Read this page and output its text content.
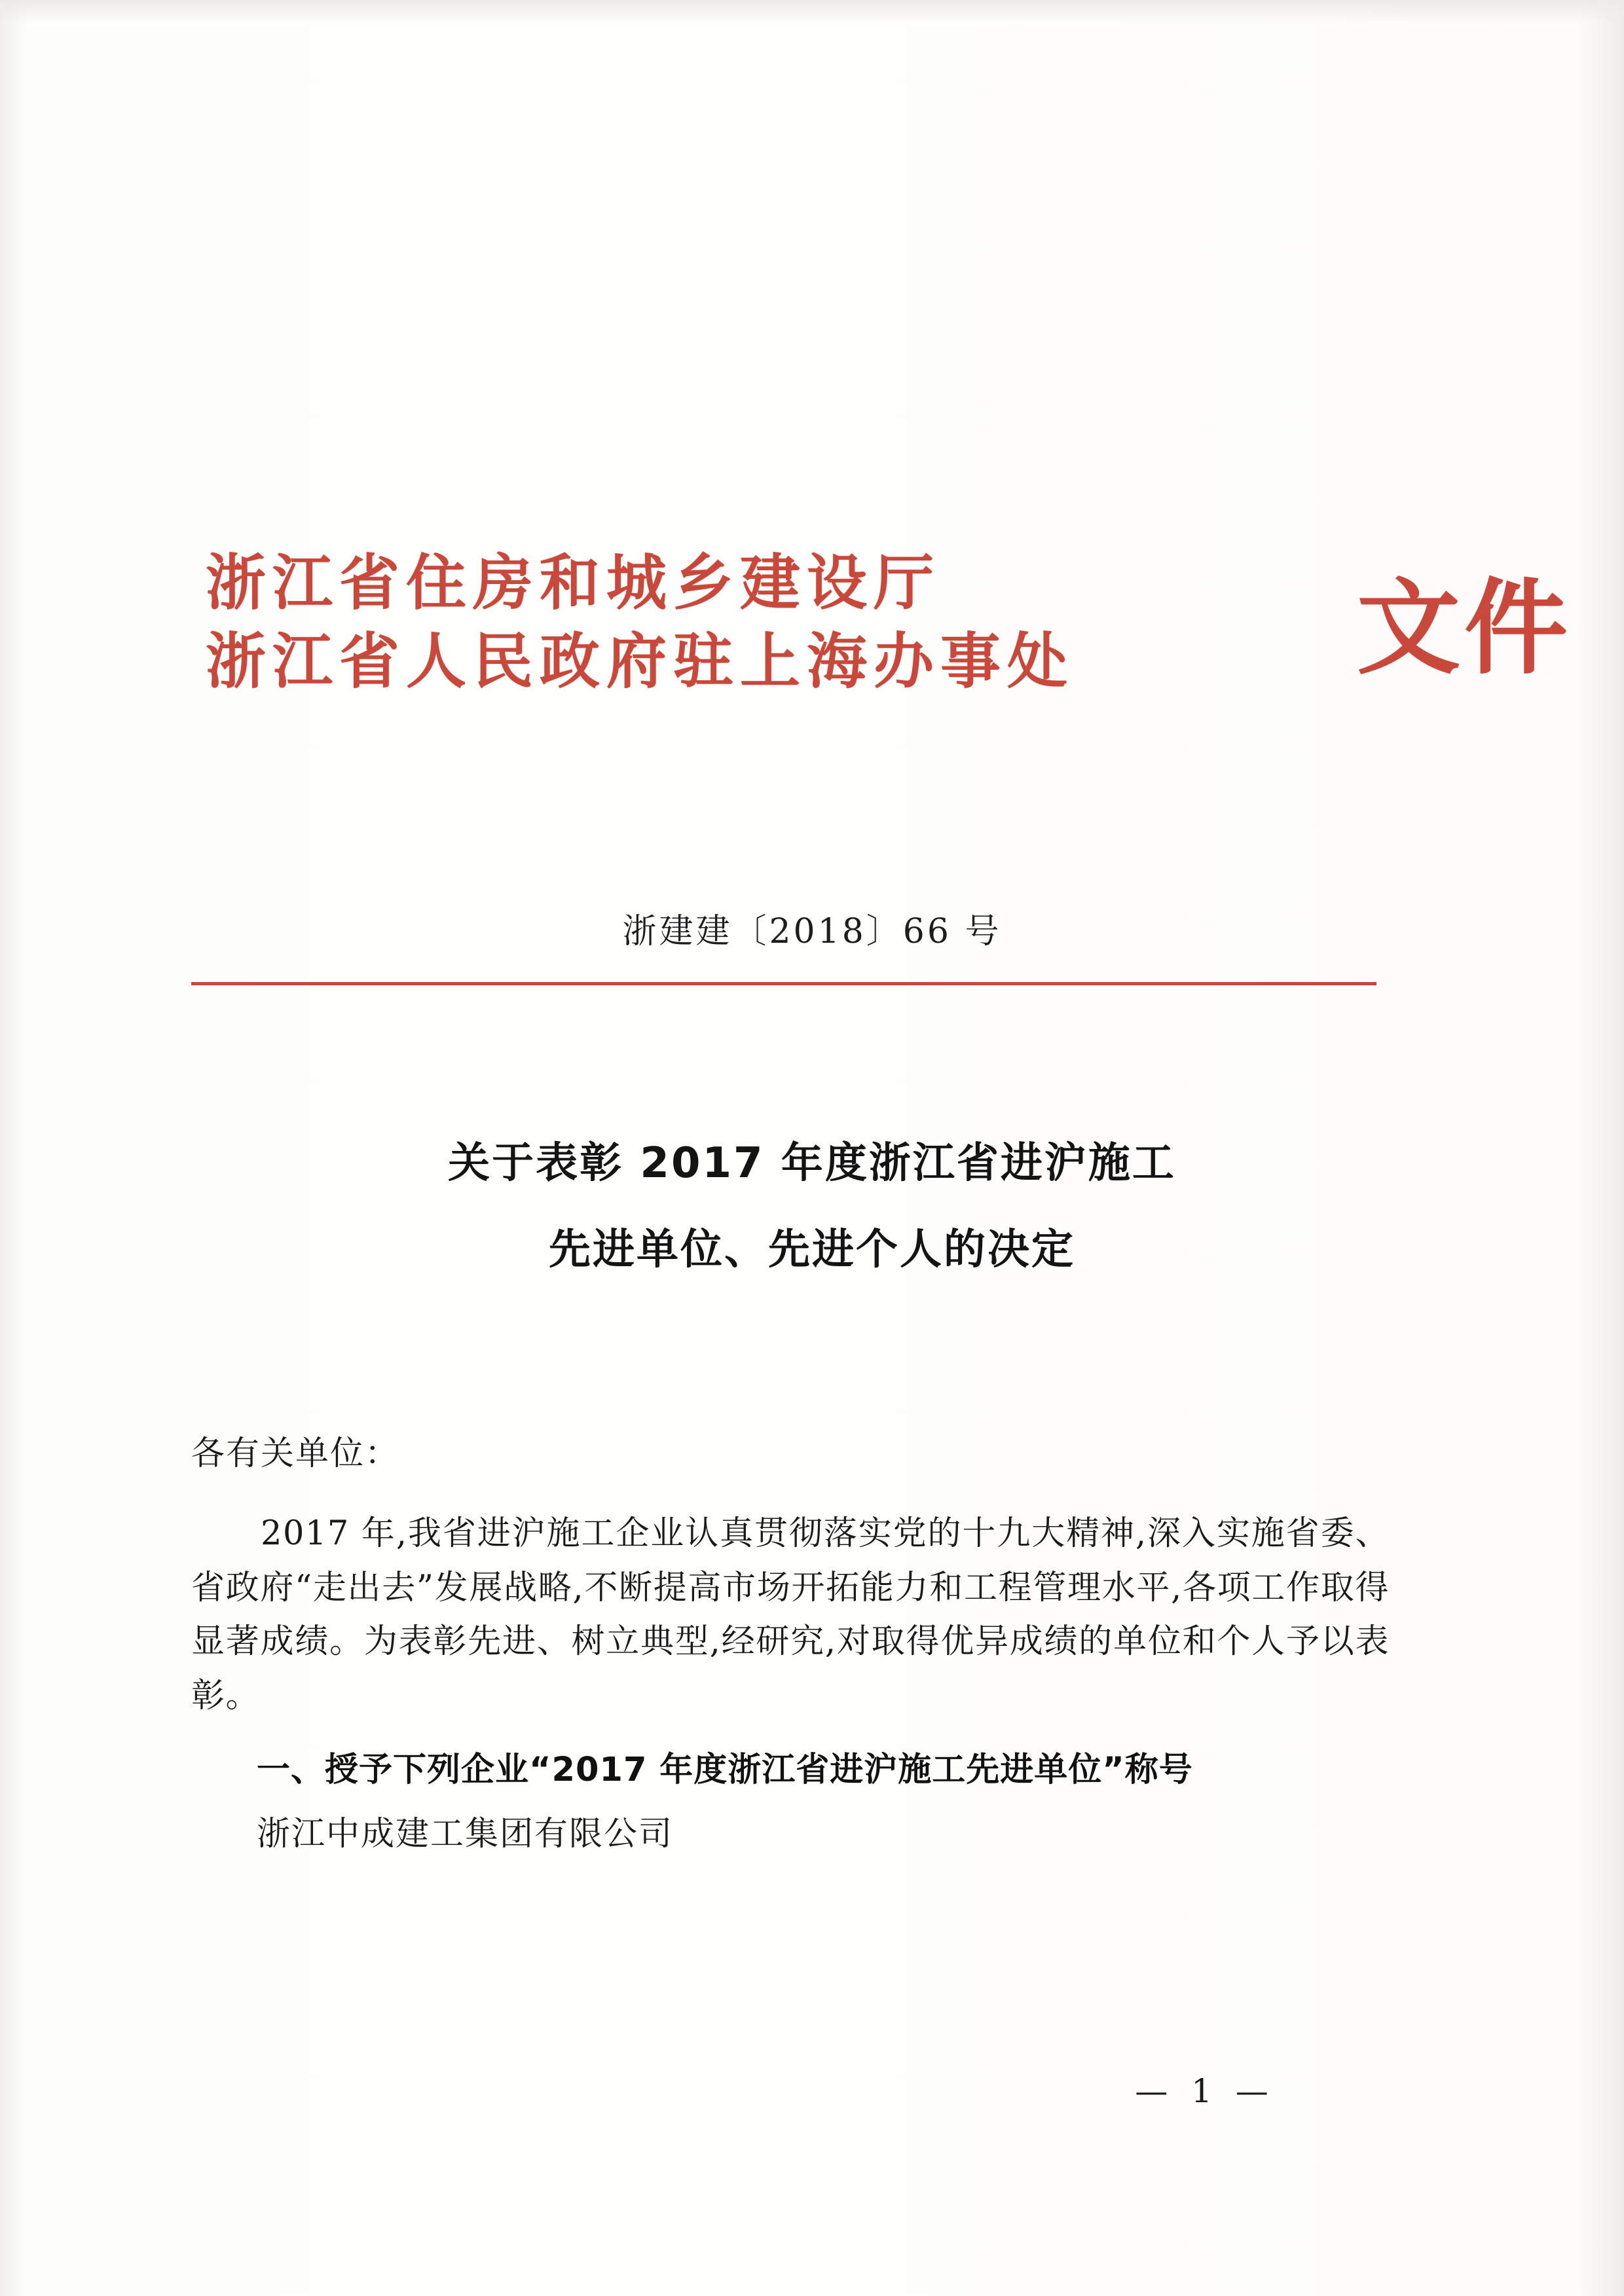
浙江省住房和城乡建设厅
浙江省人民政府驻上海办事处	文件
浙建建〔2018〕66 号
关于表彰 2017 年度浙江省进沪施工
先进单位、先进个人的决定
各有关单位：

2017 年,我省进沪施工企业认真贯彻落实党的十九大精神,深入实施省委、省政府“走出去”发展战略,不断提高市场开拓能力和工程管理水平,各项工作取得显著成绩。为表彰先进、树立典型,经研究,对取得优异成绩的单位和个人予以表彰。

一、授予下列企业“2017 年度浙江省进沪施工先进单位”称号
浙江中成建工集团有限公司
— 1 —
